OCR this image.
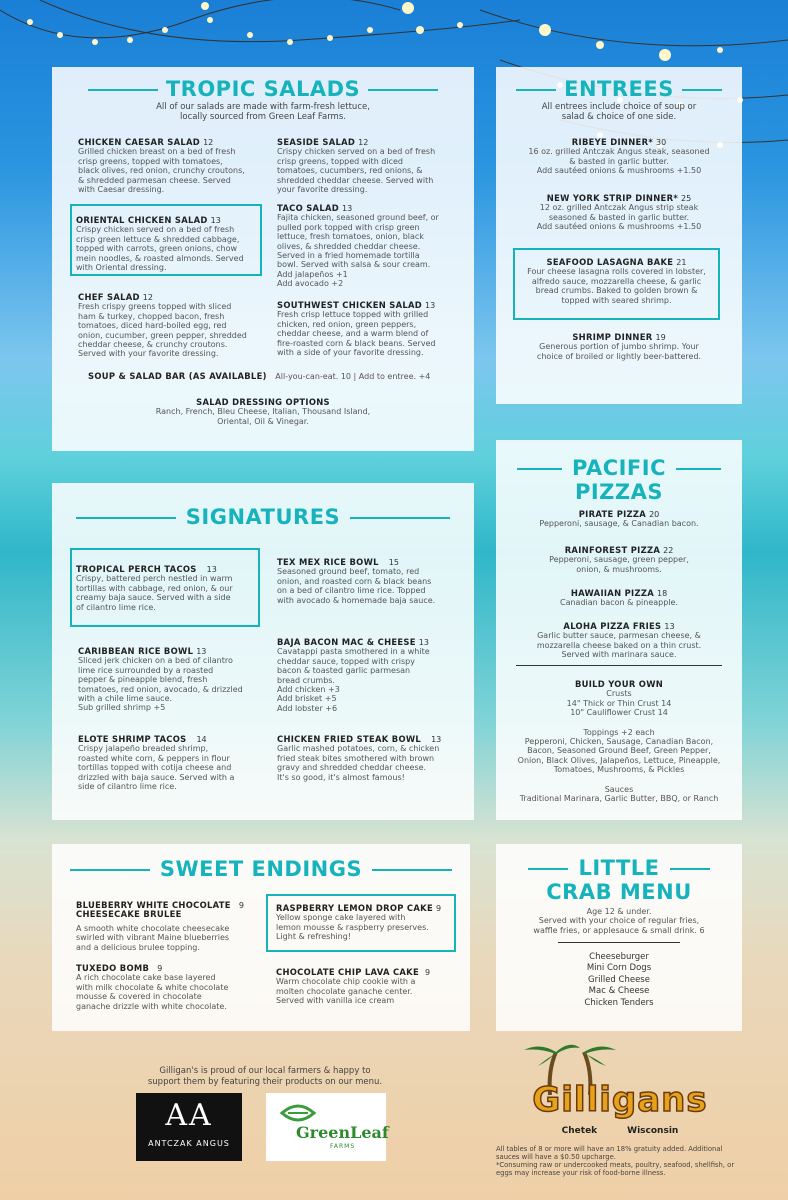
TROPIC SALADS
All of our salads are made with farm-fresh lettuce,
locally sourced from Green Leaf Farms.
CHICKEN CAESAR SALAD 12
Grilled chicken breast on a bed of fresh
crisp greens, topped with tomatoes,
black olives, red onion, crunchy croutons,
& shredded parmesan cheese. Served
with Caesar dressing.
ORIENTAL CHICKEN SALAD 13
Crispy chicken served on a bed of fresh
crisp green lettuce & shredded cabbage,
topped with carrots, green onions, chow
mein noodles, & roasted almonds. Served
with Oriental dressing.
CHEF SALAD 12
Fresh crispy greens topped with sliced
ham & turkey, chopped bacon, fresh
tomatoes, diced hard-boiled egg, red
onion, cucumber, green pepper, shredded
cheddar cheese, & crunchy croutons.
Served with your favorite dressing.
SEASIDE SALAD 12
Crispy chicken served on a bed of fresh
crisp greens, topped with diced
tomatoes, cucumbers, red onions, &
shredded cheddar cheese. Served with
your favorite dressing.
TACO SALAD 13
Fajita chicken, seasoned ground beef, or
pulled pork topped with crisp green
lettuce, fresh tomatoes, onion, black
olives, & shredded cheddar cheese.
Served in a fried homemade tortilla
bowl. Served with salsa & sour cream.
Add jalapeños +1
Add avocado +2
SOUTHWEST CHICKEN SALAD 13
Fresh crisp lettuce topped with grilled
chicken, red onion, green peppers,
cheddar cheese, and a warm blend of
fire-roasted corn & black beans. Served
with a side of your favorite dressing.
SOUP & SALAD BAR (AS AVAILABLE) All-you-can-eat. 10 | Add to entree. +4
SALAD DRESSING OPTIONS
Ranch, French, Bleu Cheese, Italian, Thousand Island,
Oriental, Oil & Vinegar.
ENTREES
All entrees include choice of soup or
salad & choice of one side.
RIBEYE DINNER* 30
16 oz. grilled Antczak Angus steak, seasoned
& basted in garlic butter.
Add sautéed onions & mushrooms +1.50
NEW YORK STRIP DINNER* 25
12 oz. grilled Antczak Angus strip steak
seasoned & basted in garlic butter.
Add sautéed onions & mushrooms +1.50
SEAFOOD LASAGNA BAKE 21
Four cheese lasagna rolls covered in lobster,
alfredo sauce, mozzarella cheese, & garlic
bread crumbs. Baked to golden brown &
topped with seared shrimp.
SHRIMP DINNER 19
Generous portion of jumbo shrimp. Your
choice of broiled or lightly beer-battered.
SIGNATURES
TROPICAL PERCH TACOS 13
Crispy, battered perch nestled in warm
tortillas with cabbage, red onion, & our
creamy baja sauce. Served with a side
of cilantro lime rice.
CARIBBEAN RICE BOWL 13
Sliced jerk chicken on a bed of cilantro
lime rice surrounded by a roasted
pepper & pineapple blend, fresh
tomatoes, red onion, avocado, & drizzled
with a chile lime sauce.
Sub grilled shrimp +5
ELOTE SHRIMP TACOS 14
Crispy jalapeño breaded shrimp,
roasted white corn, & peppers in flour
tortillas topped with cotija cheese and
drizzled with baja sauce. Served with a
side of cilantro lime rice.
TEX MEX RICE BOWL 15
Seasoned ground beef, tomato, red
onion, and roasted corn & black beans
on a bed of cilantro lime rice. Topped
with avocado & homemade baja sauce.
BAJA BACON MAC & CHEESE 13
Cavatappi pasta smothered in a white
cheddar sauce, topped with crispy
bacon & toasted garlic parmesan
bread crumbs.
Add chicken +3
Add brisket +5
Add lobster +6
CHICKEN FRIED STEAK BOWL 13
Garlic mashed potatoes, corn, & chicken
fried steak bites smothered with brown
gravy and shredded cheddar cheese.
It's so good, it's almost famous!
PACIFIC
PIZZAS
PIRATE PIZZA 20
Pepperoni, sausage, & Canadian bacon.
RAINFOREST PIZZA 22
Pepperoni, sausage, green pepper,
onion, & mushrooms.
HAWAIIAN PIZZA 18
Canadian bacon & pineapple.
ALOHA PIZZA FRIES 13
Garlic butter sauce, parmesan cheese, &
mozzarella cheese baked on a thin crust.
Served with marinara sauce.
BUILD YOUR OWN
Crusts
14" Thick or Thin Crust 14
10" Cauliflower Crust 14
Toppings +2 each
Pepperoni, Chicken, Sausage, Canadian Bacon,
Bacon, Seasoned Ground Beef, Green Pepper,
Onion, Black Olives, Jalapeños, Lettuce, Pineapple,
Tomatoes, Mushrooms, & Pickles
Sauces
Traditional Marinara, Garlic Butter, BBQ, or Ranch
SWEET ENDINGS
BLUEBERRY WHITE CHOCOLATE 9
CHEESECAKE BRULEE
A smooth white chocolate cheesecake
swirled with vibrant Maine blueberries
and a delicious brulee topping.
TUXEDO BOMB 9
A rich chocolate cake base layered
with milk chocolate & white chocolate
mousse & covered in chocolate
ganache drizzle with white chocolate.
RASPBERRY LEMON DROP CAKE 9
Yellow sponge cake layered with
lemon mousse & raspberry preserves.
Light & refreshing!
CHOCOLATE CHIP LAVA CAKE 9
Warm chocolate chip cookie with a
molten chocolate ganache center.
Served with vanilla ice cream
LITTLE
CRAB MENU
Age 12 & under.
Served with your choice of regular fries,
waffle fries, or applesauce & small drink. 6
Cheeseburger
Mini Corn Dogs
Grilled Cheese
Mac & Cheese
Chicken Tenders
Gilligan's is proud of our local farmers & happy to
support them by featuring their products on our menu.
AA
ANTCZAK ANGUS
GreenLeaf
FARMS
Gilligans
Chetek	Wisconsin
All tables of 8 or more will have an 18% gratuity added. Additional
sauces will have a $0.50 upcharge.
*Consuming raw or undercooked meats, poultry, seafood, shellfish, or
eggs may increase your risk of food-borne illness.
